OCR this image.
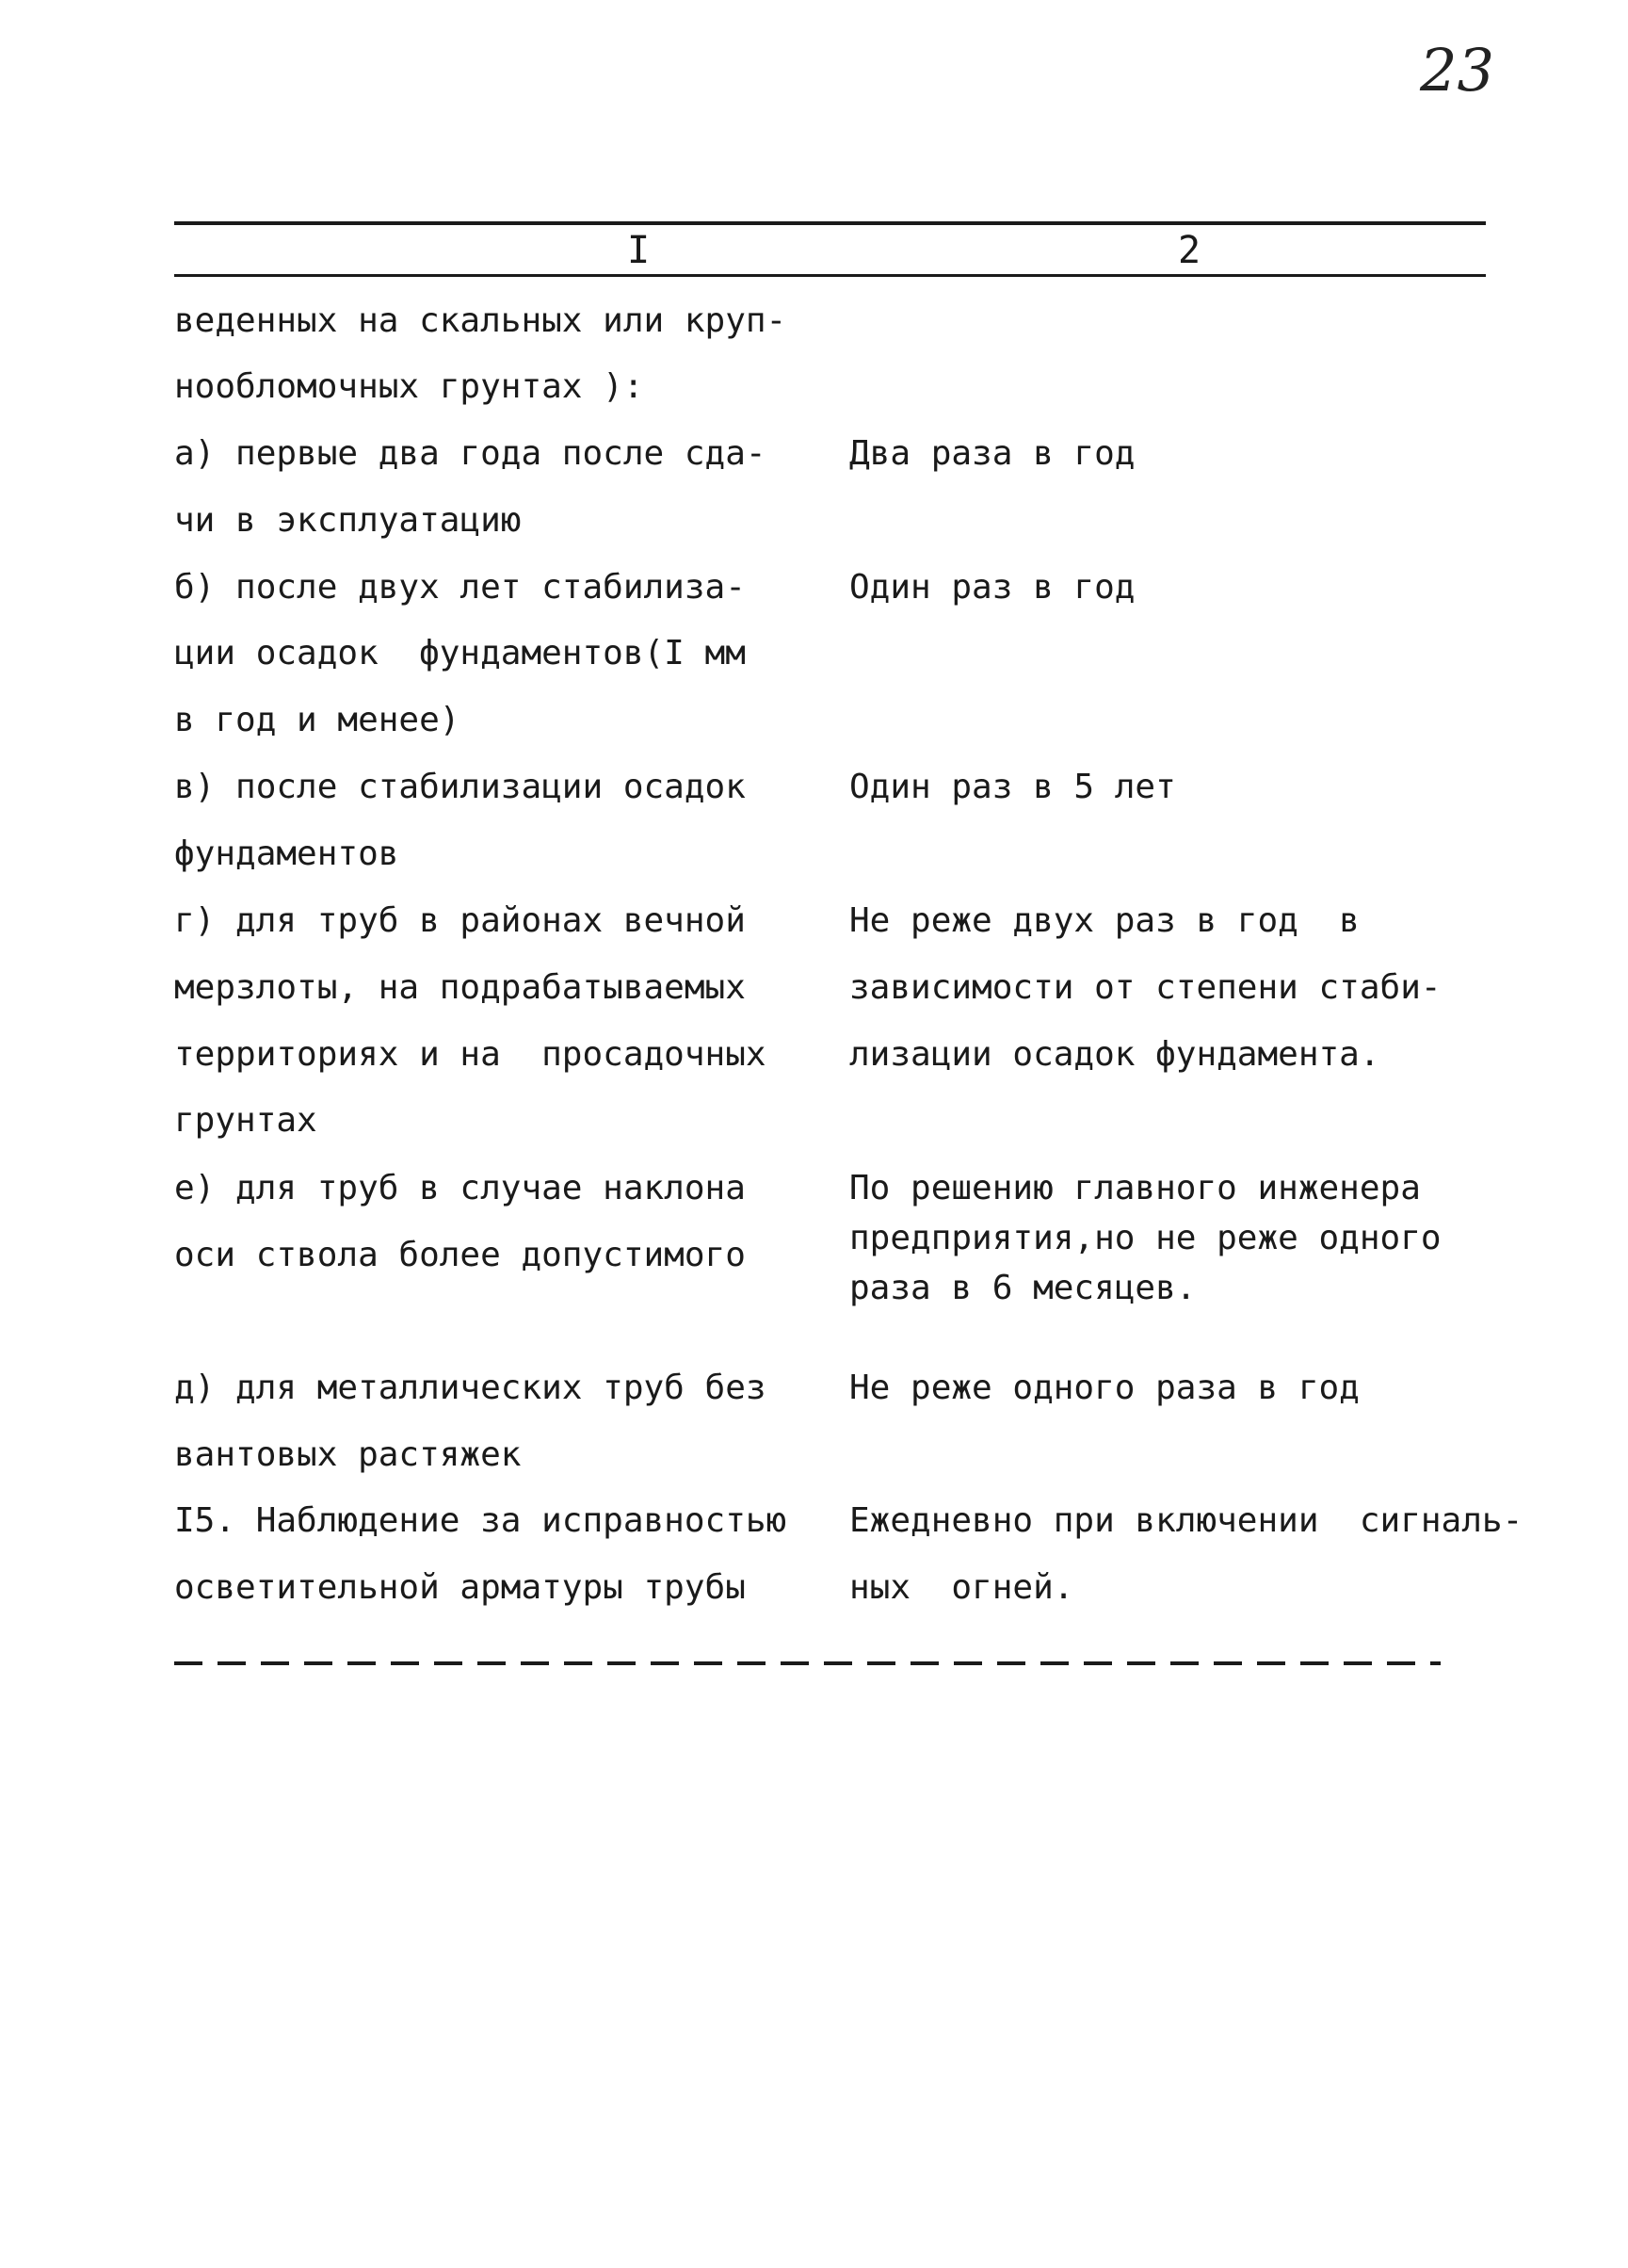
23
I	2
веденных на скальных или круп-
нообломочных грунтах ):
а) первые два года после сда-
чи в эксплуатацию
б) после двух лет стабилиза-
ции осадок  фундаментов(I мм
в год и менее)
в) после стабилизации осадок
фундаментов
г) для труб в районах вечной
мерзлоты, на подрабатываемых
территориях и на  просадочных
грунтах
е) для труб в случае наклона
оси ствола более допустимого
д) для металлических труб без
вантовых растяжек
I5. Наблюдение за исправностью
осветительной арматуры трубы
Два раза в год
Один раз в год
Один раз в 5 лет
Не реже двух раз в год  в
зависимости от степени стаби-
лизации осадок фундамента.
По решению главного инженера
предприятия,но не реже одного
раза в 6 месяцев.
Не реже одного раза в год
Ежедневно при включении  сигналь-
ных  огней.
